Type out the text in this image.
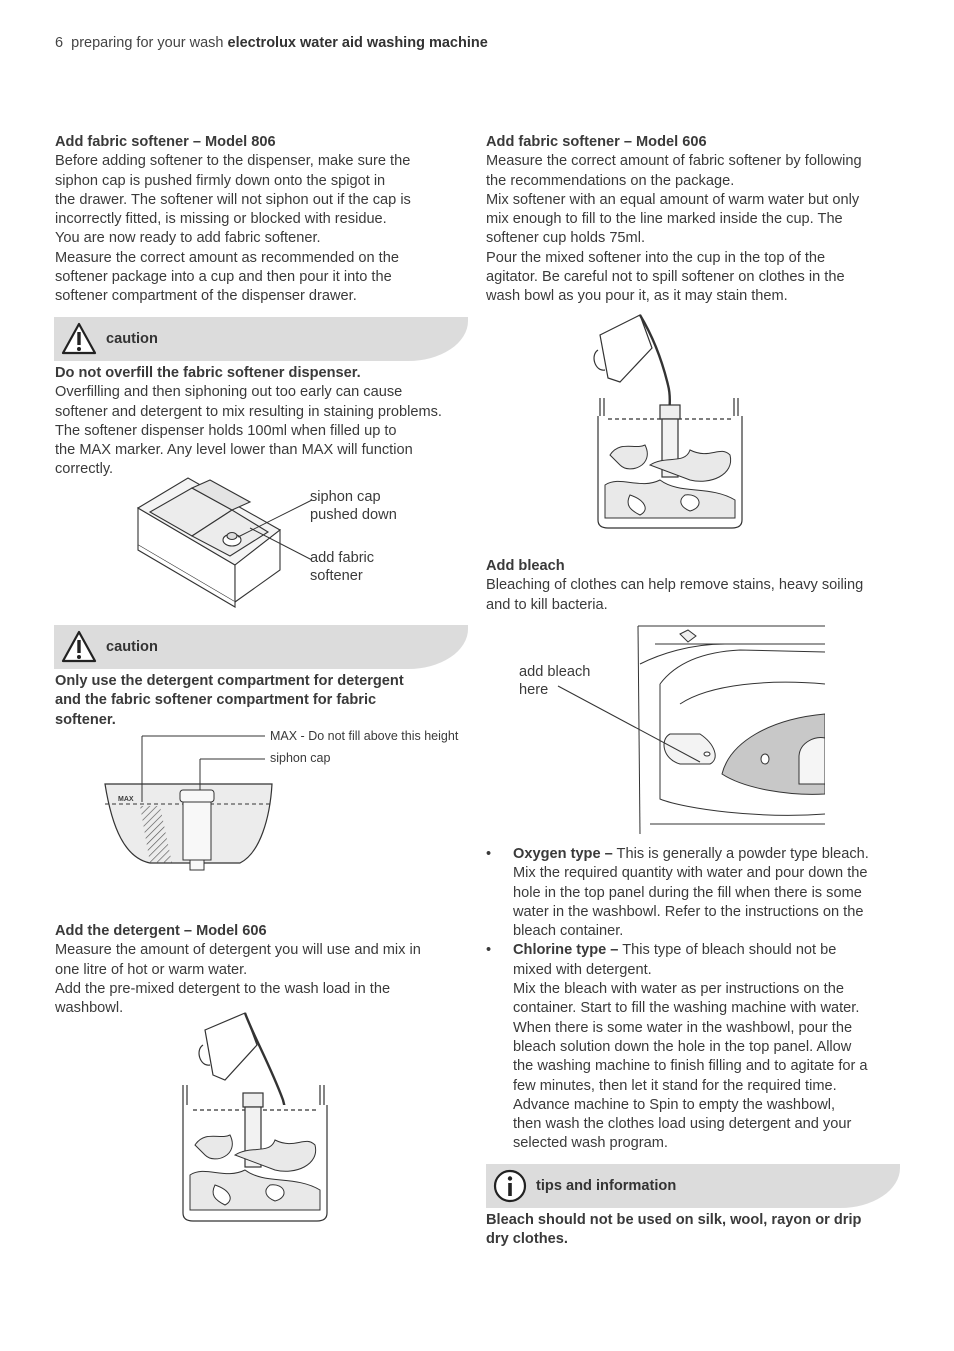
6 preparing for your wash electrolux water aid washing machine

Add fabric softener – Model 806

Before adding softener to the dispenser, make sure the

siphon cap is pushed firmly down onto the spigot in

the drawer. The softener will not siphon out if the cap is

incorrectly fitted, is missing or blocked with residue.

You are now ready to add fabric softener.

Measure the correct amount as recommended on the

softener package into a cup and then pour it into the

softener compartment of the dispenser drawer.

caution

Do not overfill the fabric softener dispenser.

Overfilling and then siphoning out too early can cause

softener and detergent to mix resulting in staining problems.

The softener dispenser holds 100ml when filled up to

the MAX marker. Any level lower than MAX will function

correctly.

siphon cap
pushed down
add fabric
softener
caution

Only use the detergent compartment for detergent

and the fabric softener compartment for fabric

softener.

MAX
MAX - Do not fill above this height
siphon cap

Add the detergent – Model 606

Measure the amount of detergent you will use and mix in

one litre of hot or warm water.

Add the pre-mixed detergent to the wash load in the

washbowl.

Add fabric softener – Model 606

Measure the correct amount of fabric softener by following

the recommendations on the package.

Mix softener with an equal amount of warm water but only

mix enough to fill to the line marked inside the cup. The

softener cup holds 75ml.

Pour the mixed softener into the cup in the top of the

agitator. Be careful not to spill softener on clothes in the

wash bowl as you pour it, as it may stain them.

Add bleach

Bleaching of clothes can help remove stains, heavy soiling

and to kill bacteria.

add bleach
here
• Oxygen type – This is generally a powder type bleach.

Mix the required quantity with water and pour down the

hole in the top panel during the fill when there is some

water in the washbowl. Refer to the instructions on the

bleach container.

• Chlorine type – This type of bleach should not be

mixed with detergent.

Mix the bleach with water as per instructions on the

container. Start to fill the washing machine with water.

When there is some water in the washbowl, pour the

bleach solution down the hole in the top panel. Allow

the washing machine to finish filling and to agitate for a

few minutes, then let it stand for the required time.

Advance machine to Spin to empty the washbowl,

then wash the clothes load using detergent and your

selected wash program.

tips and information

Bleach should not be used on silk, wool, rayon or drip

dry clothes.
